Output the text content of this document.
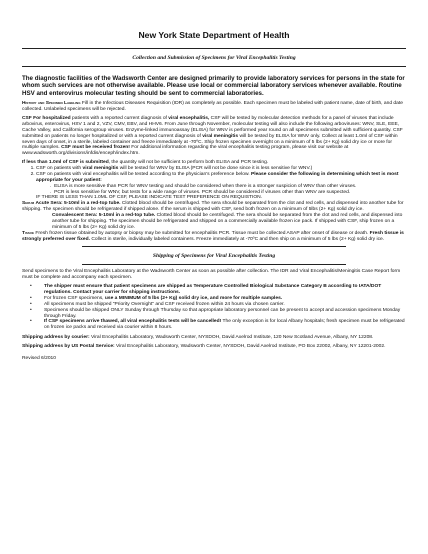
New York State Department of Health
Collection and Submission of Specimens for Viral Encephalitis Testing

The diagnostic facilities of the Wadsworth Center are designed primarily to provide laboratory services for persons in the state for whom such services are not otherwise available. Please use local or commercial laboratory services whenever available. Routine HSV and enterovirus molecular testing should be sent to commercial laboratories.

History and Specimen Labeling Fill in the Infectious Diseases Requisition (IDR) as completely as possible. Each specimen must be labeled with patient name, date of birth, and date collected. Unlabeled specimens will be rejected.

CSF For hospitalized patients with a reported current diagnosis of viral encephalitis, CSF will be tested by molecular detection methods for a panel of viruses that include arbovirus, enterovirus, HSV 1 and 2, VZV, CMV, EBV, and HHV6. From June through November, molecular testing will also include the following arboviruses: WNV, SLE, EEE, Cache Valley, and California serogroup viruses. Enzyme-linked immunoassay (ELISA) for WNV is performed year round on all specimens submitted with sufficient quantity. CSF submitted on patients no longer hospitalized or with a reported current diagnosis of viral meningitis will be tested by ELISA for WNV only. Collect at least 1.0ml of CSF within seven days of onset, in a sterile, labeled container and freeze immediately at -70ºC. Ship frozen specimen overnight on a minimum of 5 lbs (2+ Kg) solid dry ice or more for multiple samples. CSF must be received frozen! For additional information regarding the viral encephalitis testing program, please visit our website at www.wadsworth.org/divisions/infdis/enceph/index.htm.

If less than 1.0ml of CSF is submitted, the quantity will not be sufficient to perform both ELISA and PCR testing.
1. CSF on patients with viral meningitis will be tested for WNV by ELISA (PCR will not be done since it is less sensitive for WNV.)
2. CSF on patients with viral encephalitis will be tested according to the physician’s preference below. Please consider the following in determining which test is most appropriate for your patient:
.  ELISA is more sensitive than PCR for WNV testing and should be considered when there is a stronger suspicion of WNV than other viruses.
.  PCR is less sensitive for WNV, but tests for a wide range of viruses. PCR should be considered if viruses other than WNV are suspected.
IF THERE IS LESS THAN 1.0ML OF CSF, PLEASE INDICATE TEST PREFERENCE ON REQUISTION.
Serum Acute Sera: 5-10ml in a red-top tube. Clotted blood should be centrifuged. The sera should be separated from the clot and red cells, and dispensed into another tube for shipping. The specimen should be refrigerated if shipped alone. If the serum is shipped with CSF, send both frozen on a minimum of 5lbs (2+ Kg) solid dry ice.
Convalescent Sera: 5-10ml in a red-top tube. Clotted blood should be centrifuged. The sera should be separated from the clot and red cells, and dispensed into another tube for shipping. The specimen should be refrigerated and shipped on a commercially available frozen ice pack. If shipped with CSF, ship frozen on a minimum of 5 lbs (2+ Kg) solid dry ice.

Tissue Fresh frozen tissue obtained by autopsy or biopsy may be submitted for encephalitis PCR. Tissue must be collected ASAP after onset of disease or death. Fresh tissue is strongly preferred over fixed. Collect in sterile, individually labeled containers. Freeze immediately at -70ºC and then ship on a minimum of 5 lbs (2+ Kg) solid dry ice.

Shipping of Specimens for Viral Encephalitis Testing

Send specimens to the Viral Encephalitis Laboratory at the Wadsworth Center as soon as possible after collection. The IDR and Viral Encephalitis/Meningitis Case Report form must be complete and accompany each specimen.

• The shipper must ensure that patient specimens are shipped as Temperature Controlled Biological Substance Category B according to IATA/DOT regulations. Contact your carrier for shipping instructions.
• For frozen CSF specimens, use a MINIMUM of 5 lbs (2+ Kg) solid dry ice, and more for multiple samples.
• All specimens must be shipped "Priority Overnight" and CSF received frozen within 24 hours via chosen carrier.
• Specimens should be shipped ONLY Sunday through Thursday so that appropriate laboratory personnel can be present to accept and accession specimens Monday through Friday.
• If CSF specimens arrive thawed, all viral encephalitis tests will be cancelled! The only exception is for local Albany hospitals; fresh specimen must be refrigerated on frozen ice packs and received via courier within 8 hours.

Shipping address by courier: Viral Encephalitis Laboratory, Wadsworth Center, NYSDOH, David Axelrod Institute, 120 New Scotland Avenue, Albany, NY 12208.

Shipping address by US Postal Service: Viral Encephalitis Laboratory, Wadsworth Center, NYSDOH, David Axelrod Institute, PO Box 22002, Albany, NY 12201-2002.

Revised 6/2010
